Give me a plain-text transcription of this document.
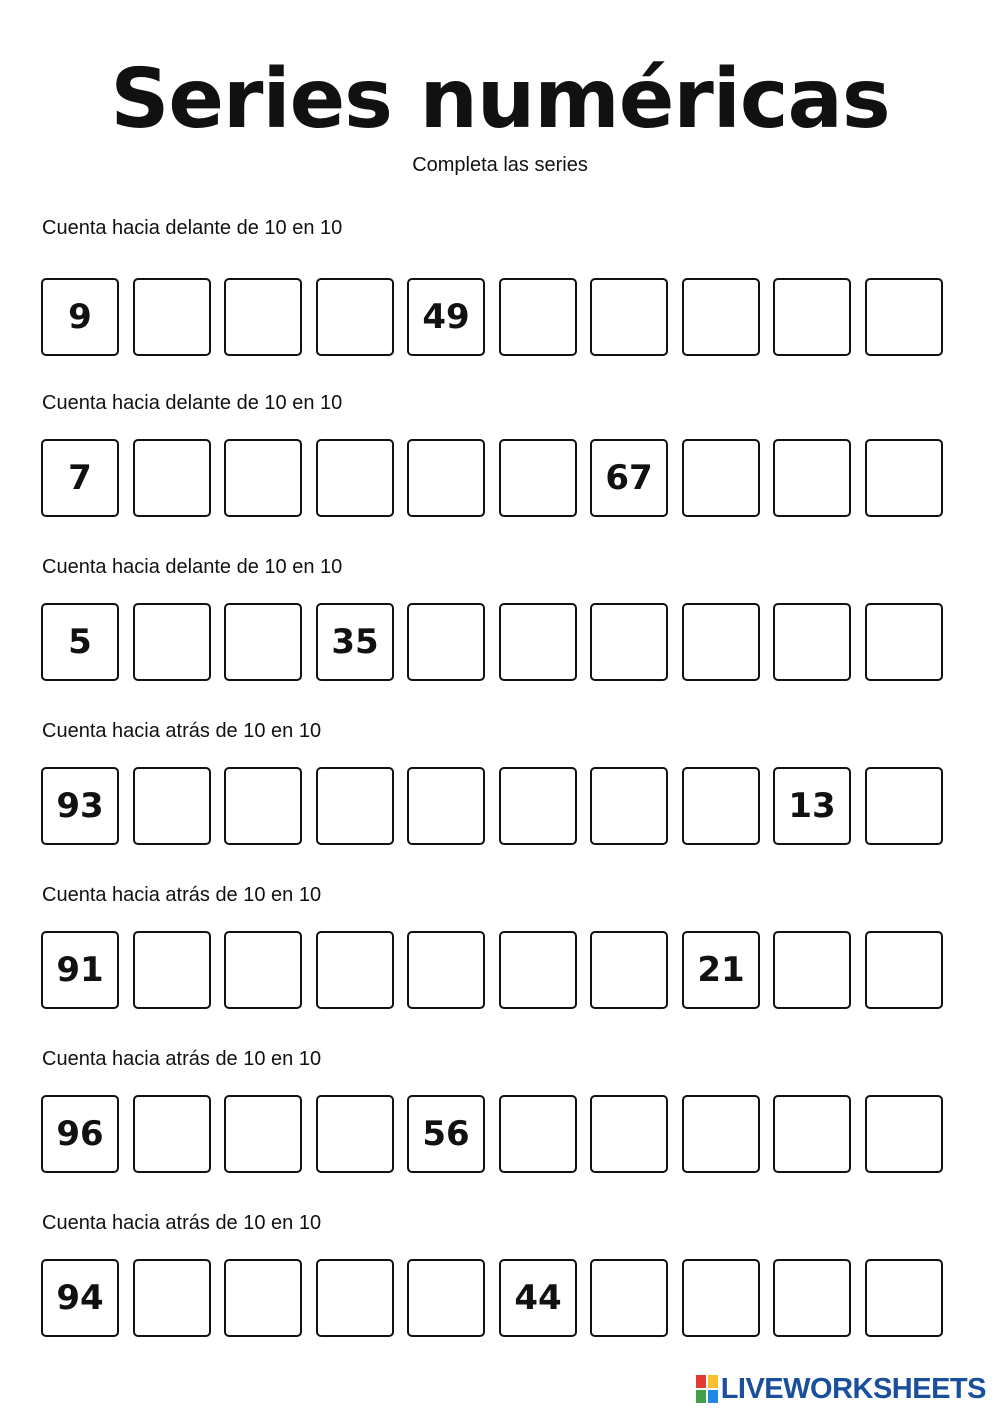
Series numéricas
Completa las series
Cuenta hacia delante de 10 en 10
9	49
Cuenta hacia delante de 10 en 10
7	67
Cuenta hacia delante de 10 en 10
5	35
Cuenta hacia atrás de 10 en 10
93	13
Cuenta hacia atrás de 10 en 10
91	21
Cuenta hacia atrás de 10 en 10
96	56
Cuenta hacia atrás de 10 en 10
94	44
LIVEWORKSHEETS
